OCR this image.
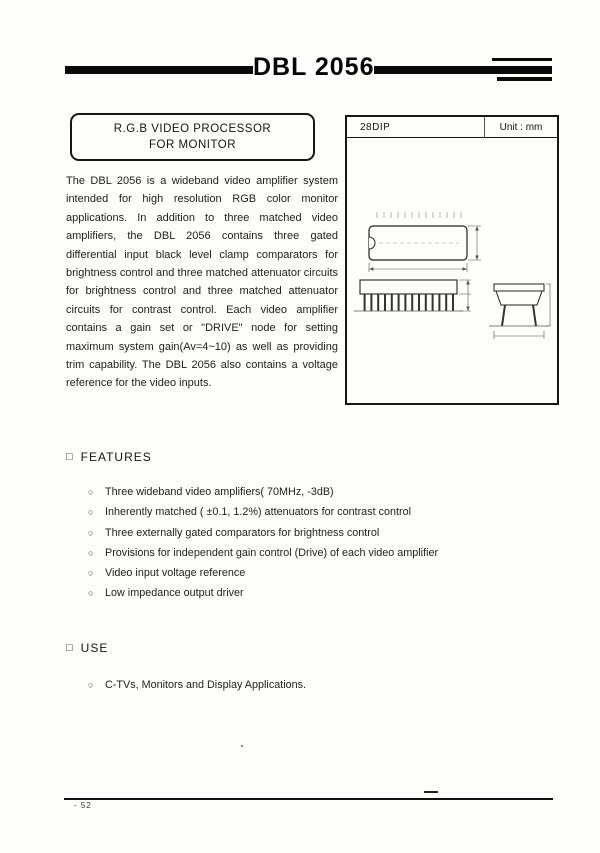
DBL 2056
R.G.B VIDEO PROCESSOR
FOR MONITOR
28DIP	Unit : mm

The DBL 2056 is a wideband video amplifier system intended for high resolution RGB color monitor applications. In addition to three matched video amplifiers, the DBL 2056 contains three gated differential input black level clamp comparators for brightness control and three matched attenuator circuits for brightness control and three matched attenuator circuits for contrast control. Each video amplifier contains a gain set or "DRIVE" node for setting maximum system gain(Av=4~10) as well as providing trim capability. The DBL 2056 also contains a voltage reference for the video inputs.

□ FEATURES
○	Three wideband video amplifiers( 70MHz, -3dB)
○	Inherently matched ( ±0.1, 1.2%) attenuators for contrast control
○	Three externally gated comparators for brightness control
○	Provisions for independent gain control (Drive) of each video amplifier
○	Video input voltage reference
○	Low impedance output driver
□ USE
○	C-TVs, Monitors and Display Applications.
- 52
